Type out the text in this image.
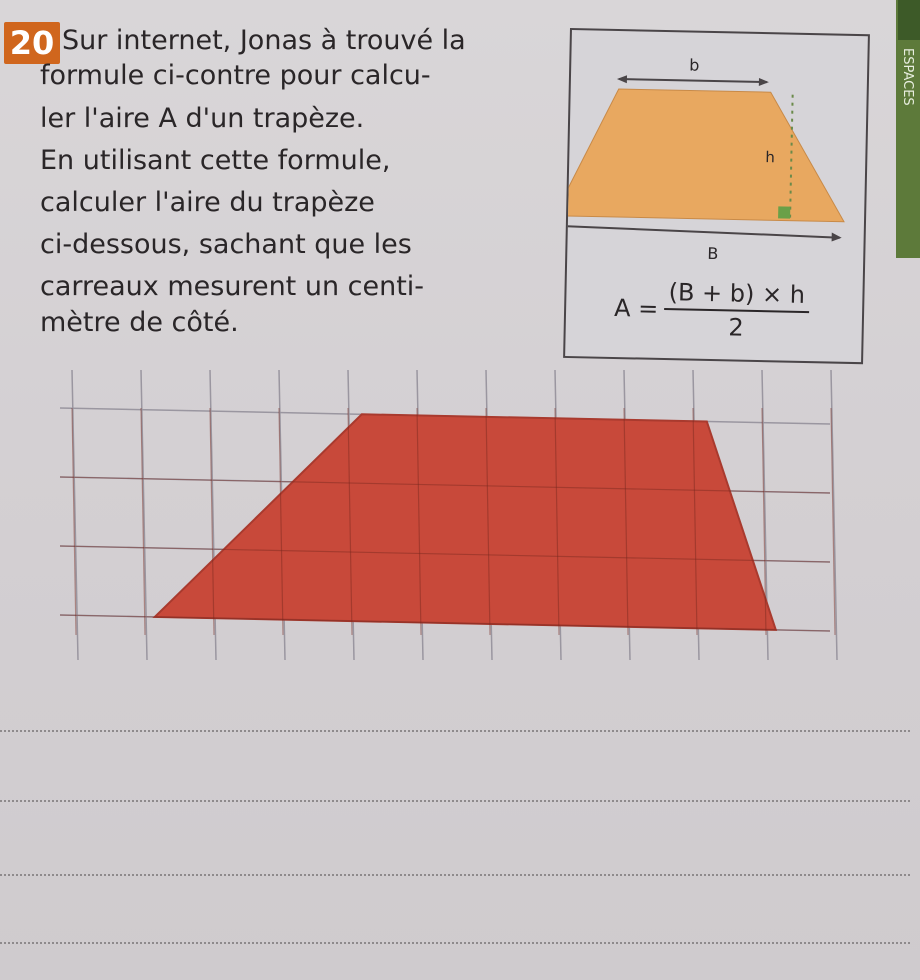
20 Sur internet, Jonas à trouvé la
formule ci-contre pour calcu-
ler l'aire A d'un trapèze.
En utilisant cette formule,
calculer l'aire du trapèze
ci-dessous, sachant que les
carreaux mesurent un centi-
mètre de côté.
b
h
B
$A = \frac{(B + b) \times h}{2}$
ESPACES
